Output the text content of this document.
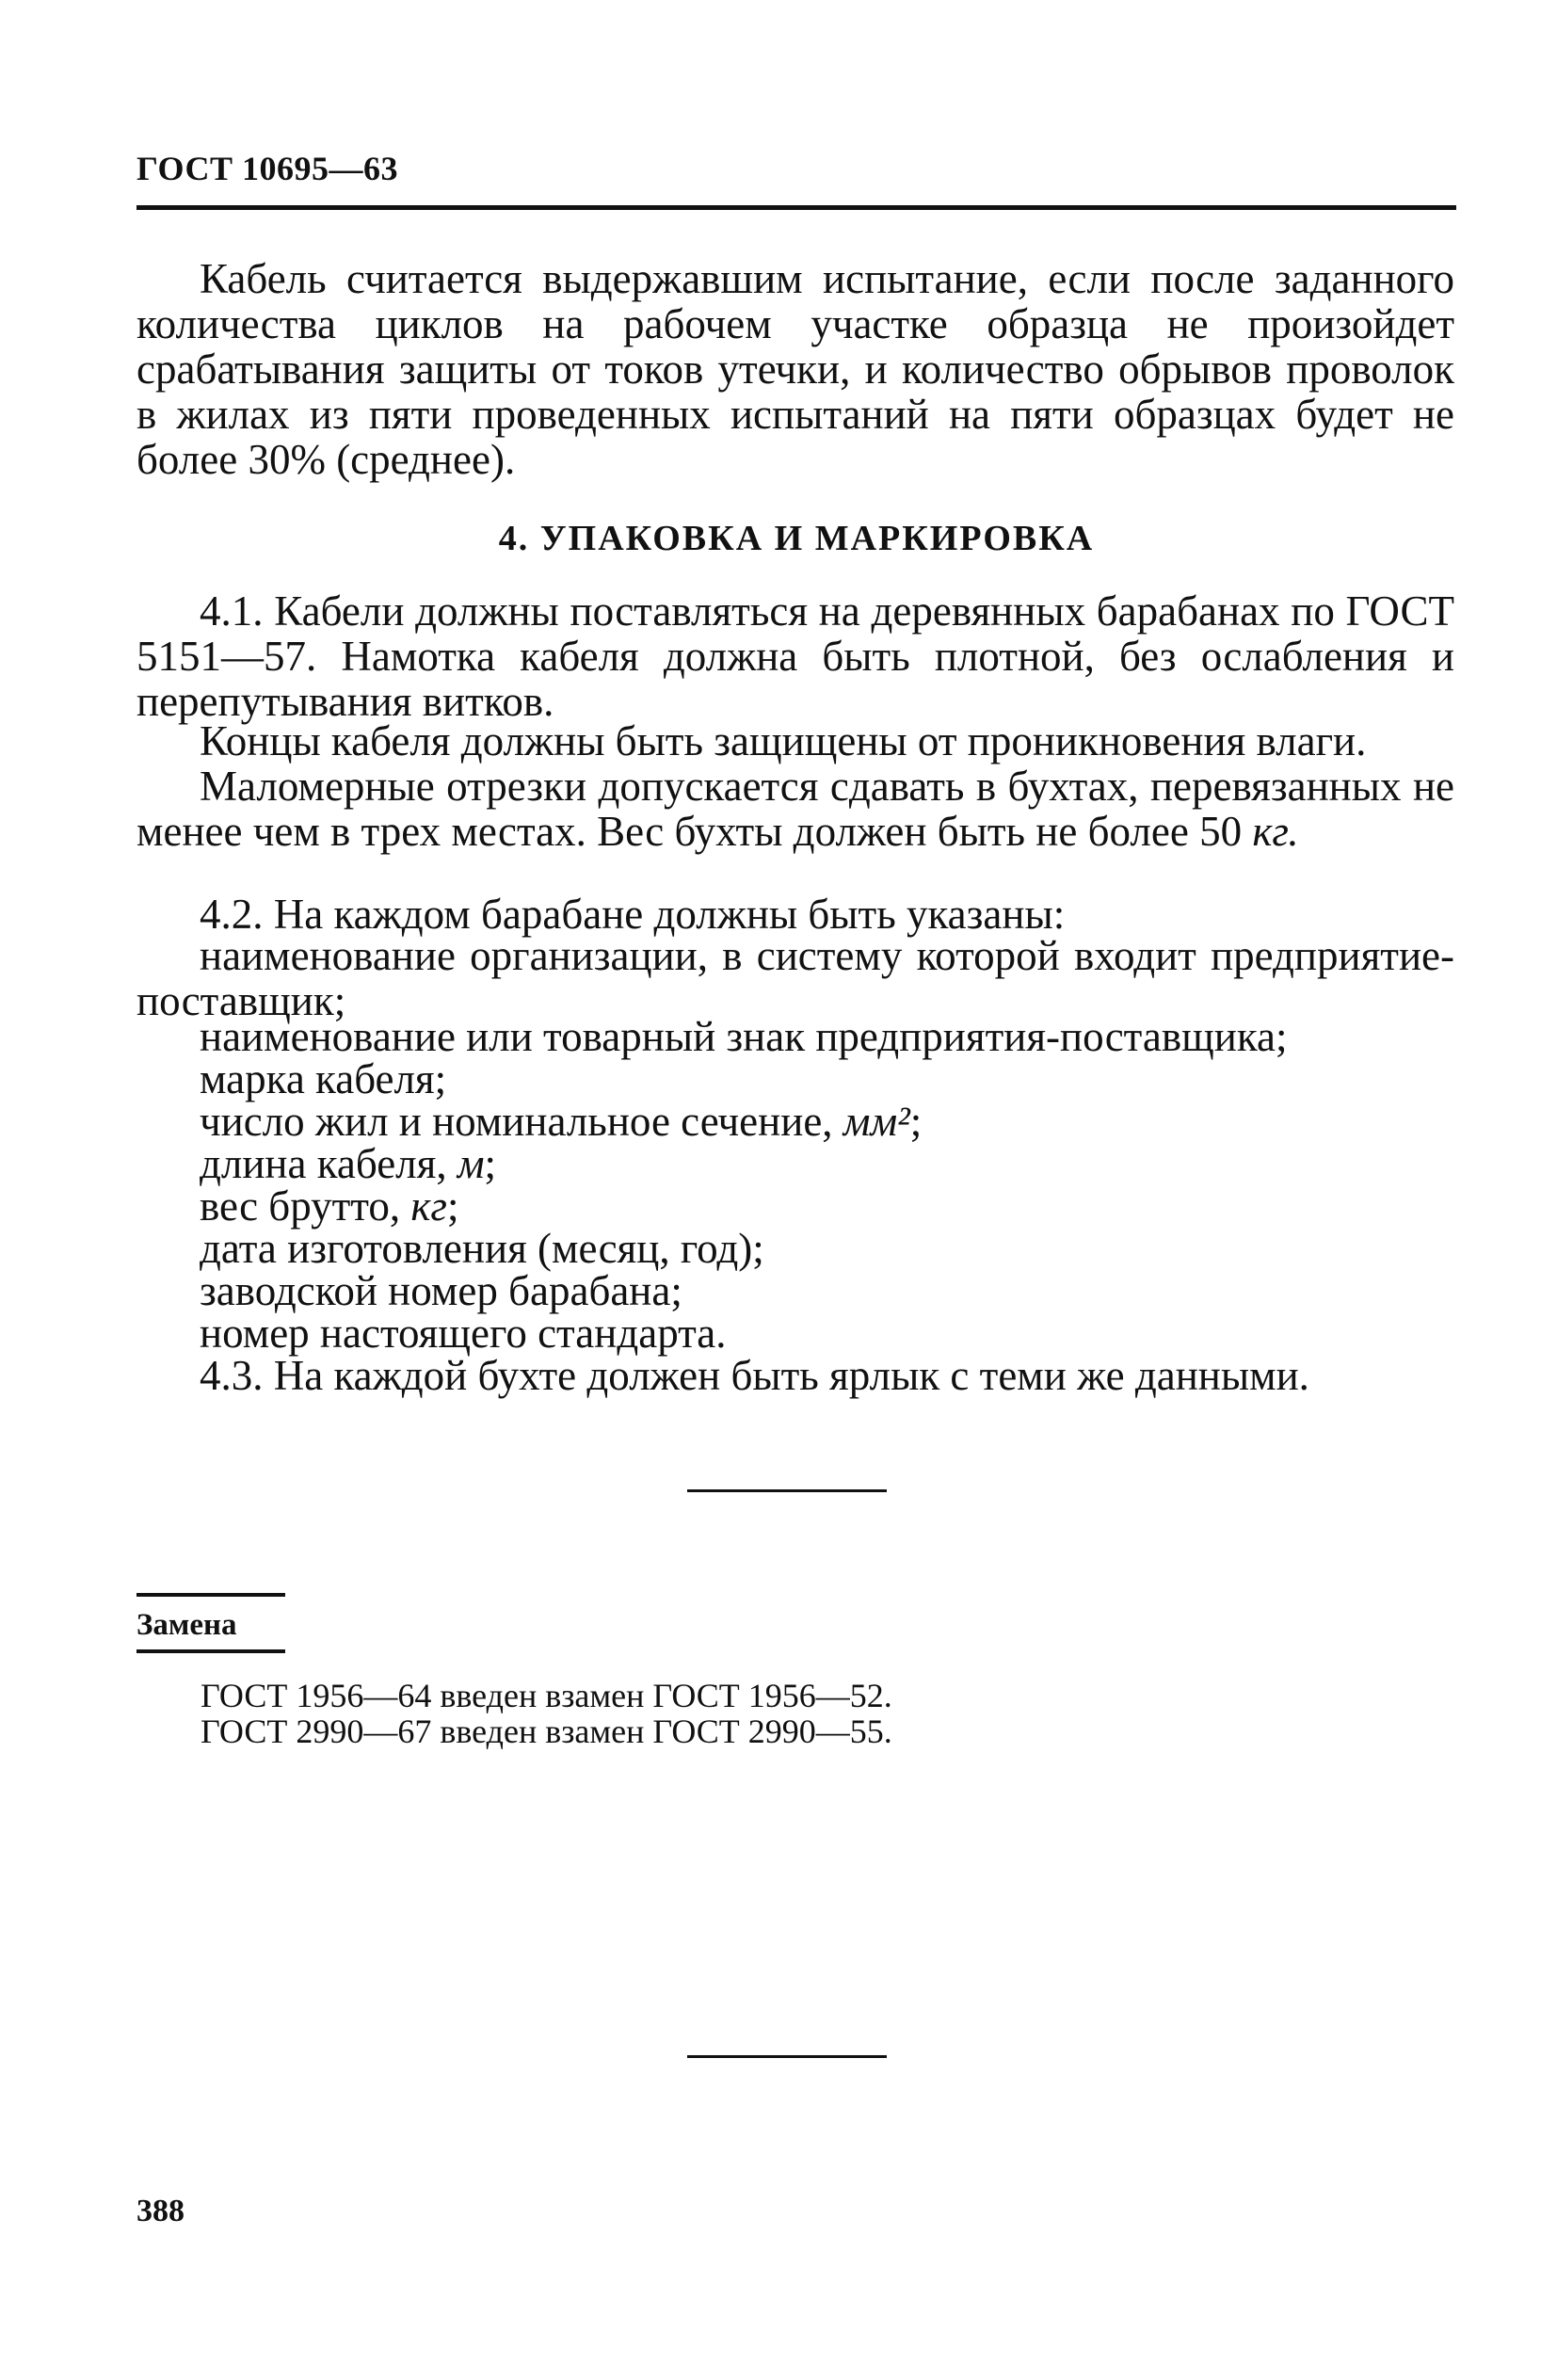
ГОСТ 10695—63
Кабель считается выдержавшим испытание, если после заданного количества циклов на рабочем участке образца не произойдет срабатывания защиты от токов утечки, и количество обрывов проволок в жилах из пяти проведенных испытаний на пяти образцах будет не более 30% (среднее).
4. УПАКОВКА И МАРКИРОВКА
4.1. Кабели должны поставляться на деревянных барабанах по ГОСТ 5151—57. Намотка кабеля должна быть плотной, без ослабления и перепутывания витков.
Концы кабеля должны быть защищены от проникновения влаги.
Маломерные отрезки допускается сдавать в бухтах, перевязанных не менее чем в трех местах. Вес бухты должен быть не более 50 кг.
4.2. На каждом барабане должны быть указаны:
наименование организации, в систему которой входит предприятие-поставщик;
наименование или товарный знак предприятия-поставщика;
марка кабеля;
число жил и номинальное сечение, мм²;
длина кабеля, м;
вес брутто, кг;
дата изготовления (месяц, год);
заводской номер барабана;
номер настоящего стандарта.
4.3. На каждой бухте должен быть ярлык с теми же данными.
Замена
ГОСТ 1956—64 введен взамен ГОСТ 1956—52.
ГОСТ 2990—67 введен взамен ГОСТ 2990—55.
388
